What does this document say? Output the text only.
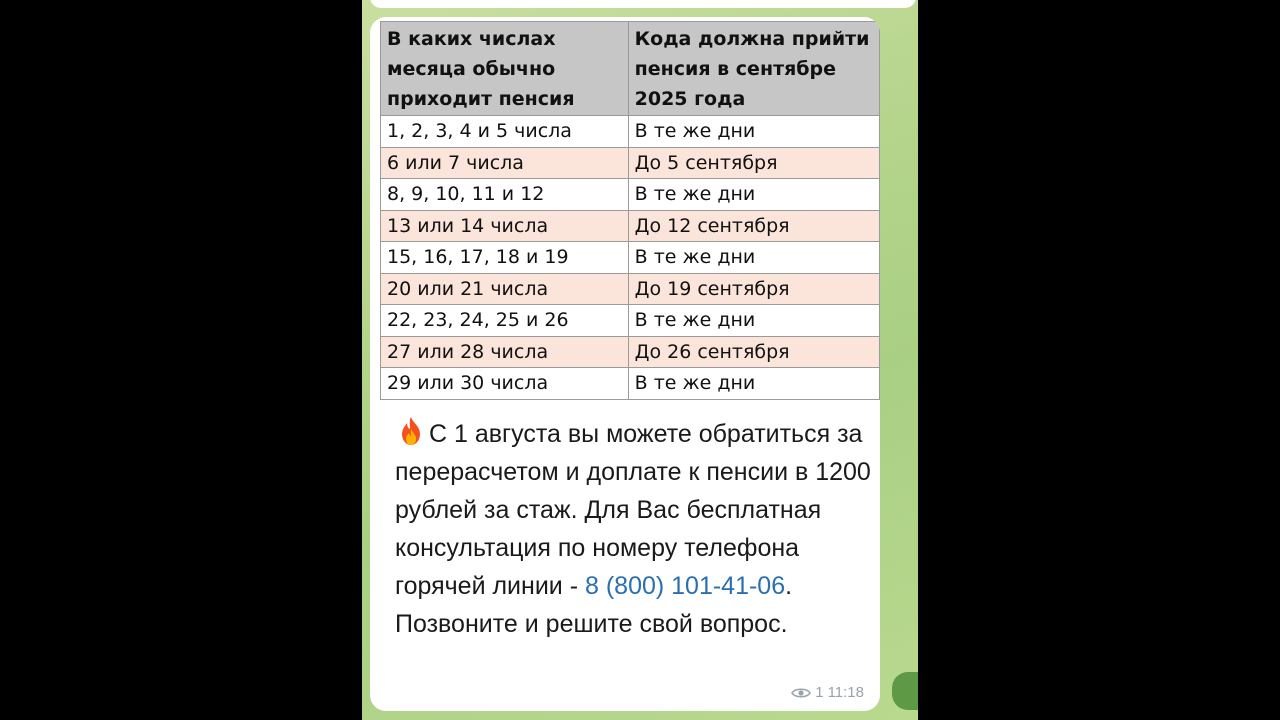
В каких числах месяца обычно приходит пенсия	Кода должна прийти пенсия в сентябре 2025 года
1, 2, 3, 4 и 5 числа	В те же дни
6 или 7 числа	До 5 сентября
8, 9, 10, 11 и 12	В те же дни
13 или 14 числа	До 12 сентября
15, 16, 17, 18 и 19	В те же дни
20 или 21 числа	До 19 сентября
22, 23, 24, 25 и 26	В те же дни
27 или 28 числа	До 26 сентября
29 или 30 числа	В те же дни
С 1 августа вы можете обратиться за перерасчетом и доплате к пенсии в 1200 рублей за стаж. Для Вас бесплатная консультация по номеру телефона горячей линии - 8 (800) 101-41-06. Позвоните и решите свой вопрос.
1 11:18
